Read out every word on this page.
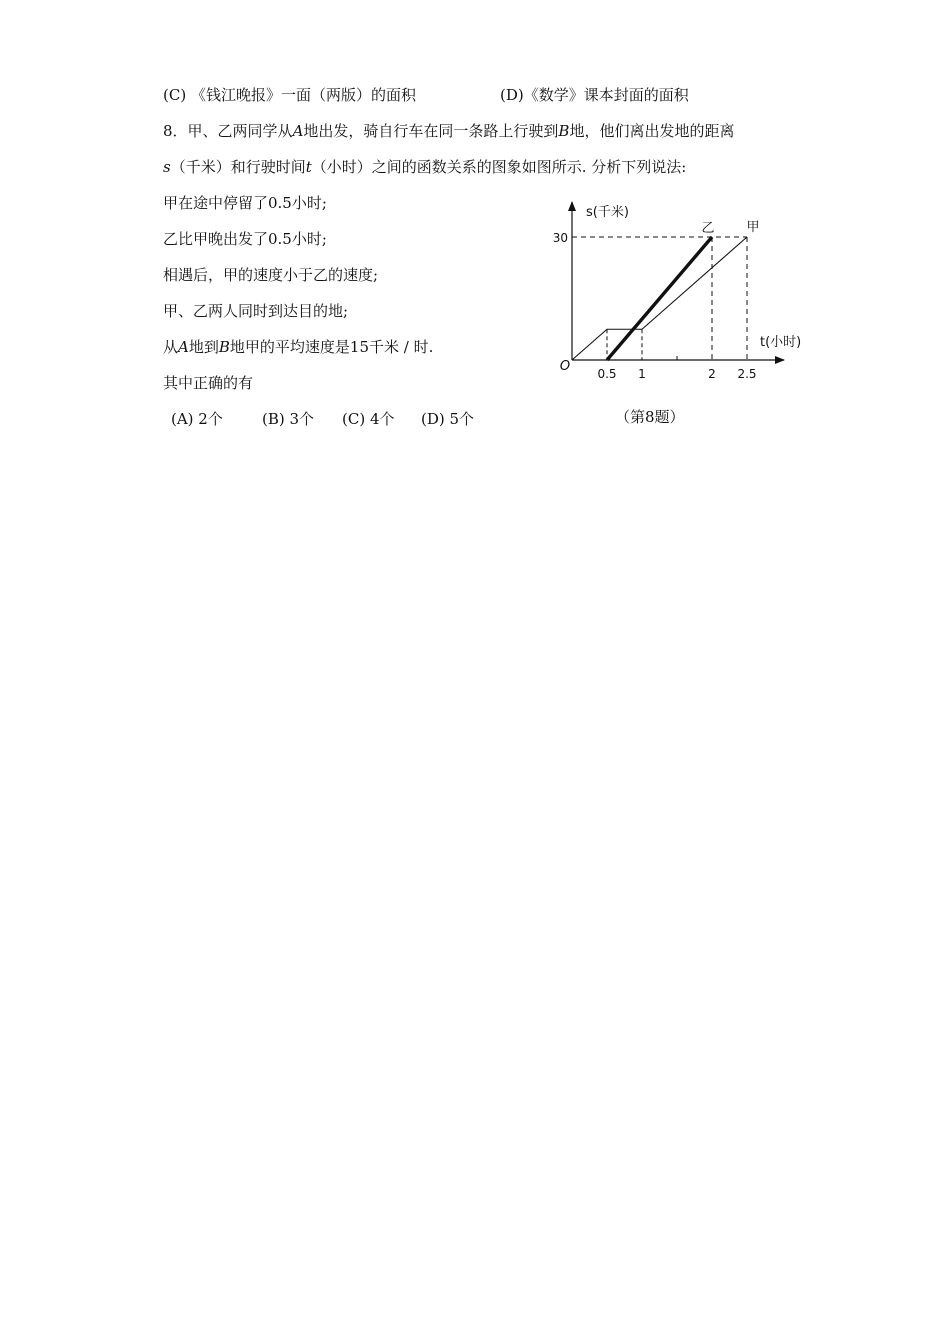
(C) 《钱江晚报》一面（两版）的面积	(D)《数学》课本封面的面积
8．甲、乙两同学从A地出发，骑自行车在同一条路上行驶到B地，他们离出发地的距离
s（千米）和行驶时间t（小时）之间的函数关系的图象如图所示. 分析下列说法:
甲在途中停留了0.5小时;
乙比甲晚出发了0.5小时;
相遇后，甲的速度小于乙的速度;
甲、乙两人同时到达目的地;
从A地到B地甲的平均速度是15千米 / 时.
其中正确的有
(A) 2个	(B) 3个 (C) 4个 (D) 5个	（第8题）
O 0.5 1	2 2.5
30
s(千米)
t(小时)
乙 甲
